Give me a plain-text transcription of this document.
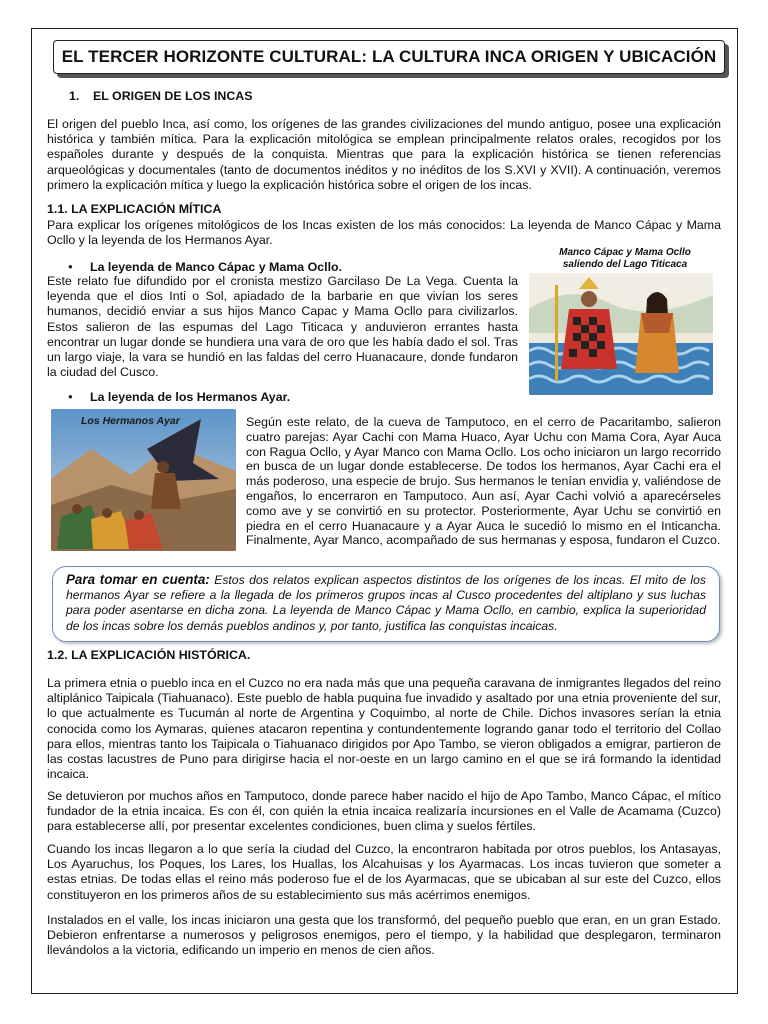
EL TERCER HORIZONTE CULTURAL: LA CULTURA INCA ORIGEN Y UBICACIÓN
1. EL ORIGEN DE LOS INCAS
El origen del pueblo Inca, así como, los orígenes de las grandes civilizaciones del mundo antiguo, posee una explicación histórica y también mítica. Para la explicación mitológica se emplean principalmente relatos orales, recogidos por los españoles durante y después de la conquista. Mientras que para la explicación histórica se tienen referencias arqueológicas y documentales (tanto de documentos inéditos y no inéditos de los S.XVI y XVII). A continuación, veremos primero la explicación mítica y luego la explicación histórica sobre el origen de los incas.
1.1. LA EXPLICACIÓN MÍTICA
Para explicar los orígenes mitológicos de los Incas existen de los más conocidos: La leyenda de Manco Cápac y Mama Ocllo y la leyenda de los Hermanos Ayar.
● La leyenda de Manco Cápac y Mama Ocllo.
Este relato fue difundido por el cronista mestizo Garcilaso De La Vega. Cuenta la leyenda que el dios Inti o Sol, apiadado de la barbarie en que vivían los seres humanos, decidió enviar a sus hijos Manco Capac y Mama Ocllo para civilizarlos. Estos salieron de las espumas del Lago Titicaca y anduvieron errantes hasta encontrar un lugar donde se hundiera una vara de oro que les había dado el sol. Tras un largo viaje, la vara se hundió en las faldas del cerro Huanacaure, donde fundaron la ciudad del Cusco.
Manco Cápac y Mama Ocllo
saliendo del Lago Titicaca
● La leyenda de los Hermanos Ayar.
Los Hermanos Ayar	Según este relato, de la cueva de Tamputoco, en el cerro de Pacaritambo, salieron cuatro parejas: Ayar Cachi con Mama Huaco, Ayar Uchu con Mama Cora, Ayar Auca con Ragua Ocllo, y Ayar Manco con Mama Ocllo. Los ocho iniciaron un largo recorrido en busca de un lugar donde establecerse. De todos los hermanos, Ayar Cachi era el más poderoso, una especie de brujo. Sus hermanos le tenían envidia y, valiéndose de engaños, lo encerraron en Tamputoco. Aun así, Ayar Cachi volvió a aparecérseles como ave y se convirtió en su protector. Posteriormente, Ayar Uchu se convirtió en piedra en el cerro Huanacaure y a Ayar Auca le sucedió lo mismo en el Inticancha. Finalmente, Ayar Manco, acompañado de sus hermanas y esposa, fundaron el Cuzco.
Para tomar en cuenta: Estos dos relatos explican aspectos distintos de los orígenes de los incas. El mito de los hermanos Ayar se refiere a la llegada de los primeros grupos incas al Cusco procedentes del altiplano y sus luchas para poder asentarse en dicha zona. La leyenda de Manco Cápac y Mama Ocllo, en cambio, explica la superioridad de los incas sobre los demás pueblos andinos y, por tanto, justifica las conquistas incaicas.
1.2. LA EXPLICACIÓN HISTÓRICA.
La primera etnia o pueblo inca en el Cuzco no era nada más que una pequeña caravana de inmigrantes llegados del reino altiplánico Taipicala (Tiahuanaco). Este pueblo de habla puquina fue invadido y asaltado por una etnia proveniente del sur, lo que actualmente es Tucumán al norte de Argentina y Coquimbo, al norte de Chile. Dichos invasores serían la etnia conocida como los Aymaras, quienes atacaron repentina y contundentemente logrando ganar todo el territorio del Collao para ellos, mientras tanto los Taipicala o Tiahuanaco dirigidos por Apo Tambo, se vieron obligados a emigrar, partieron de las costas lacustres de Puno para dirigirse hacia el nor-oeste en un largo camino en el que se irá formando la identidad incaica.
Se detuvieron por muchos años en Tamputoco, donde parece haber nacido el hijo de Apo Tambo, Manco Cápac, el mítico fundador de la etnia incaica. Es con él, con quién la etnia incaica realizaría incursiones en el Valle de Acamama (Cuzco) para establecerse allí, por presentar excelentes condiciones, buen clima y suelos fértiles.
Cuando los incas llegaron a lo que sería la ciudad del Cuzco, la encontraron habitada por otros pueblos, los Antasayas, Los Ayaruchus, los Poques, los Lares, los Huallas, los Alcahuisas y los Ayarmacas. Los incas tuvieron que someter a estas etnias. De todas ellas el reino más poderoso fue el de los Ayarmacas, que se ubicaban al sur este del Cuzco, ellos constituyeron en los primeros años de su establecimiento sus más acérrimos enemigos.
Instalados en el valle, los incas iniciaron una gesta que los transformó, del pequeño pueblo que eran, en un gran Estado. Debieron enfrentarse a numerosos y peligrosos enemigos, pero el tiempo, y la habilidad que desplegaron, terminaron llevándolos a la victoria, edificando un imperio en menos de cien años.
